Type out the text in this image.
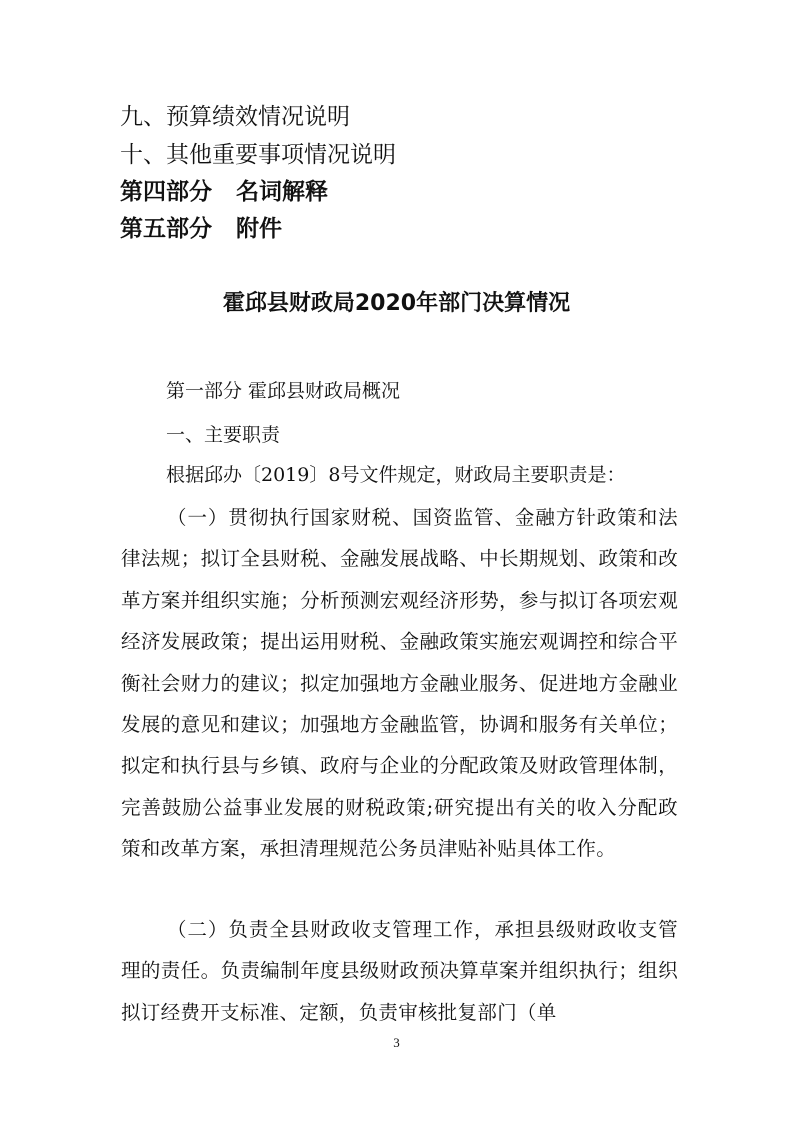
九、预算绩效情况说明
十、其他重要事项情况说明
第四部分 名词解释
第五部分 附件
霍邱县财政局2020年部门决算情况
第一部分 霍邱县财政局概况
一、主要职责
根据邱办〔2019〕8号文件规定，财政局主要职责是：
（一）贯彻执行国家财税、国资监管、金融方针政策和法律法规；拟订全县财税、金融发展战略、中长期规划、政策和改革方案并组织实施；分析预测宏观经济形势，参与拟订各项宏观经济发展政策；提出运用财税、金融政策实施宏观调控和综合平衡社会财力的建议；拟定加强地方金融业服务、促进地方金融业发展的意见和建议；加强地方金融监管，协调和服务有关单位；拟定和执行县与乡镇、政府与企业的分配政策及财政管理体制，完善鼓励公益事业发展的财税政策;研究提出有关的收入分配政策和改革方案，承担清理规范公务员津贴补贴具体工作。
（二）负责全县财政收支管理工作，承担县级财政收支管理的责任。负责编制年度县级财政预决算草案并组织执行；组织拟订经费开支标准、定额，负责审核批复部门（单
3
